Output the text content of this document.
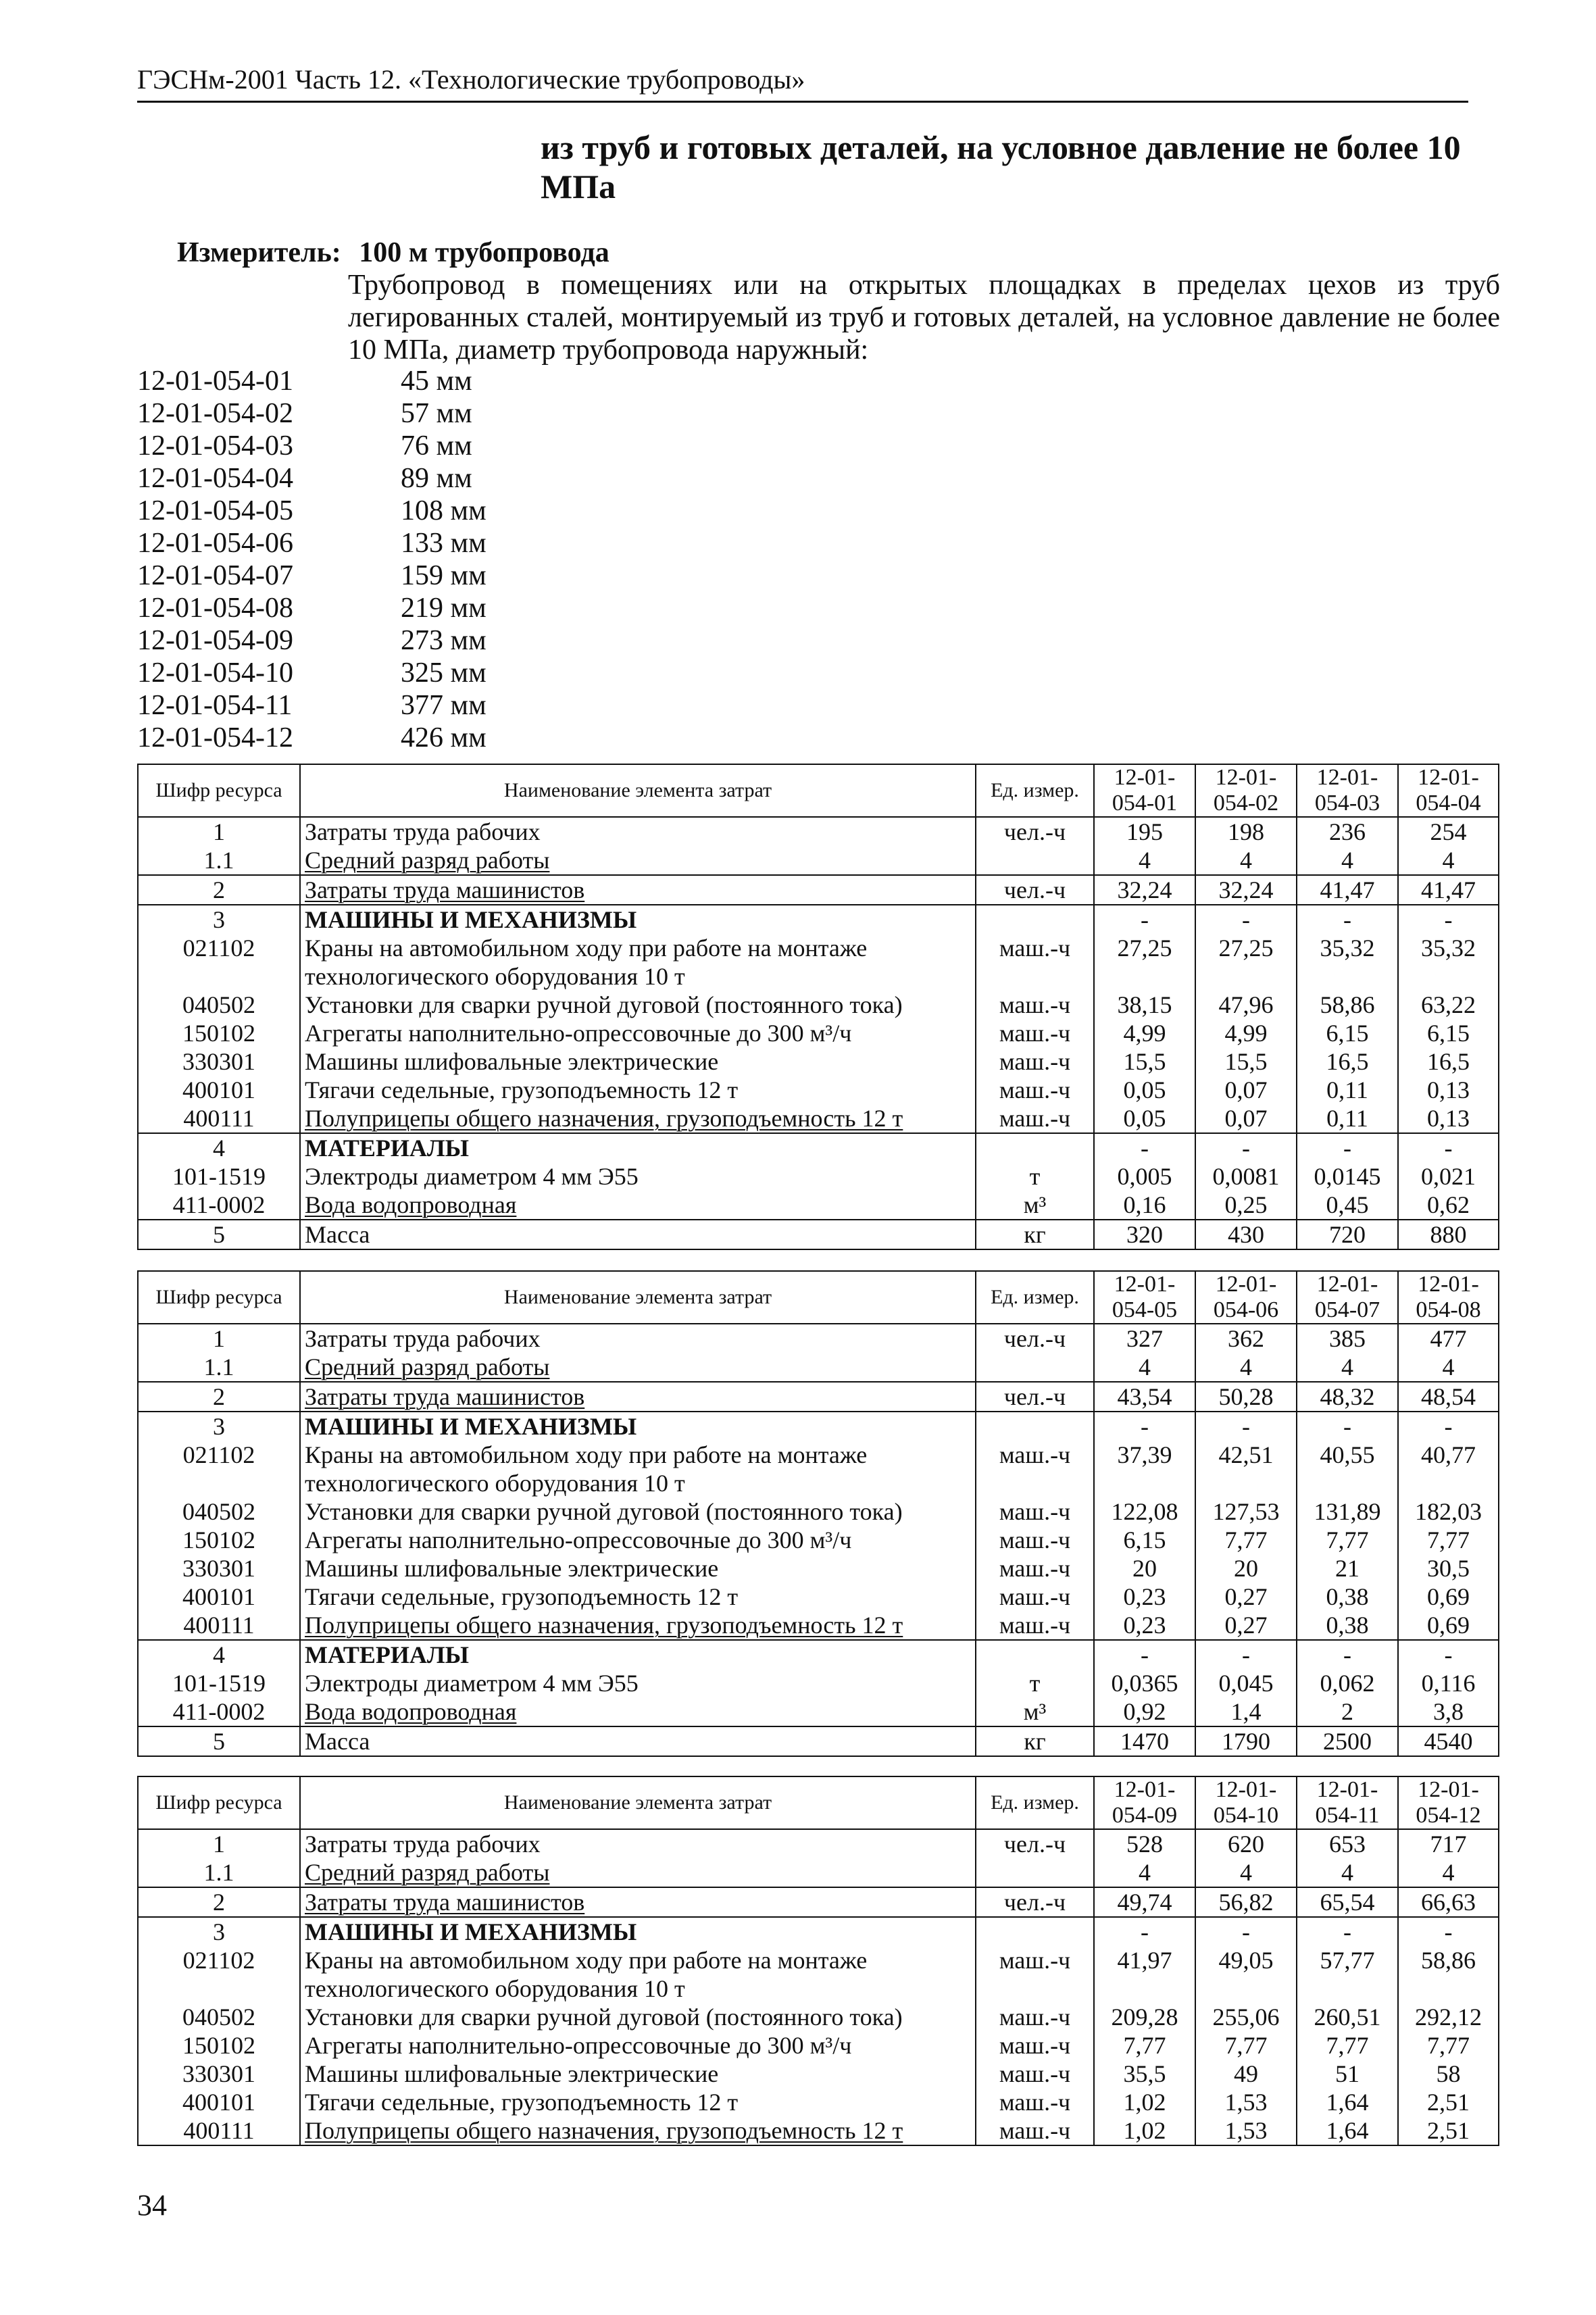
ГЭСНм-2001 Часть 12. «Технологические трубопроводы»
из труб и готовых деталей, на условное давление не более 10 МПа
Измеритель: 100 м трубопровода
Трубопровод в помещениях или на открытых площадках в пределах цехов из труб легированных сталей, монтируемый из труб и готовых деталей, на условное давление не более 10 МПа, диаметр трубопровода наружный:
12-01-054-01	45 мм
12-01-054-02	57 мм
12-01-054-03	76 мм
12-01-054-04	89 мм
12-01-054-05	108 мм
12-01-054-06	133 мм
12-01-054-07	159 мм
12-01-054-08	219 мм
12-01-054-09	273 мм
12-01-054-10	325 мм
12-01-054-11	377 мм
12-01-054-12	426 мм
Шифр ресурса	Наименование элемента затрат	Ед. измер.	12-01-054-01	12-01-054-02	12-01-054-03	12-01-054-04
1	Затраты труда рабочих	чел.-ч	195	198	236	254
1.1	Средний разряд работы		4	4	4	4
2	Затраты труда машинистов	чел.-ч	32,24	32,24	41,47	41,47
3	МАШИНЫ И МЕХАНИЗМЫ		-	-	-	-
021102	Краны на автомобильном ходу при работе на монтаже технологического оборудования 10 т	маш.-ч	27,25	27,25	35,32	35,32
040502	Установки для сварки ручной дуговой (постоянного тока)	маш.-ч	38,15	47,96	58,86	63,22
150102	Агрегаты наполнительно-опрессовочные до 300 м³/ч	маш.-ч	4,99	4,99	6,15	6,15
330301	Машины шлифовальные электрические	маш.-ч	15,5	15,5	16,5	16,5
400101	Тягачи седельные, грузоподъемность 12 т	маш.-ч	0,05	0,07	0,11	0,13
400111	Полуприцепы общего назначения, грузоподъемность 12 т	маш.-ч	0,05	0,07	0,11	0,13
4	МАТЕРИАЛЫ		-	-	-	-
101-1519	Электроды диаметром 4 мм Э55	т	0,005	0,0081	0,0145	0,021
411-0002	Вода водопроводная	м³	0,16	0,25	0,45	0,62
5	Масса	кг	320	430	720	880
Шифр ресурса	Наименование элемента затрат	Ед. измер.	12-01-054-05	12-01-054-06	12-01-054-07	12-01-054-08
1	Затраты труда рабочих	чел.-ч	327	362	385	477
1.1	Средний разряд работы		4	4	4	4
2	Затраты труда машинистов	чел.-ч	43,54	50,28	48,32	48,54
3	МАШИНЫ И МЕХАНИЗМЫ		-	-	-	-
021102	Краны на автомобильном ходу при работе на монтаже технологического оборудования 10 т	маш.-ч	37,39	42,51	40,55	40,77
040502	Установки для сварки ручной дуговой (постоянного тока)	маш.-ч	122,08	127,53	131,89	182,03
150102	Агрегаты наполнительно-опрессовочные до 300 м³/ч	маш.-ч	6,15	7,77	7,77	7,77
330301	Машины шлифовальные электрические	маш.-ч	20	20	21	30,5
400101	Тягачи седельные, грузоподъемность 12 т	маш.-ч	0,23	0,27	0,38	0,69
400111	Полуприцепы общего назначения, грузоподъемность 12 т	маш.-ч	0,23	0,27	0,38	0,69
4	МАТЕРИАЛЫ		-	-	-	-
101-1519	Электроды диаметром 4 мм Э55	т	0,0365	0,045	0,062	0,116
411-0002	Вода водопроводная	м³	0,92	1,4	2	3,8
5	Масса	кг	1470	1790	2500	4540
Шифр ресурса	Наименование элемента затрат	Ед. измер.	12-01-054-09	12-01-054-10	12-01-054-11	12-01-054-12
1	Затраты труда рабочих	чел.-ч	528	620	653	717
1.1	Средний разряд работы		4	4	4	4
2	Затраты труда машинистов	чел.-ч	49,74	56,82	65,54	66,63
3	МАШИНЫ И МЕХАНИЗМЫ		-	-	-	-
021102	Краны на автомобильном ходу при работе на монтаже технологического оборудования 10 т	маш.-ч	41,97	49,05	57,77	58,86
040502	Установки для сварки ручной дуговой (постоянного тока)	маш.-ч	209,28	255,06	260,51	292,12
150102	Агрегаты наполнительно-опрессовочные до 300 м³/ч	маш.-ч	7,77	7,77	7,77	7,77
330301	Машины шлифовальные электрические	маш.-ч	35,5	49	51	58
400101	Тягачи седельные, грузоподъемность 12 т	маш.-ч	1,02	1,53	1,64	2,51
400111	Полуприцепы общего назначения, грузоподъемность 12 т	маш.-ч	1,02	1,53	1,64	2,51
34
